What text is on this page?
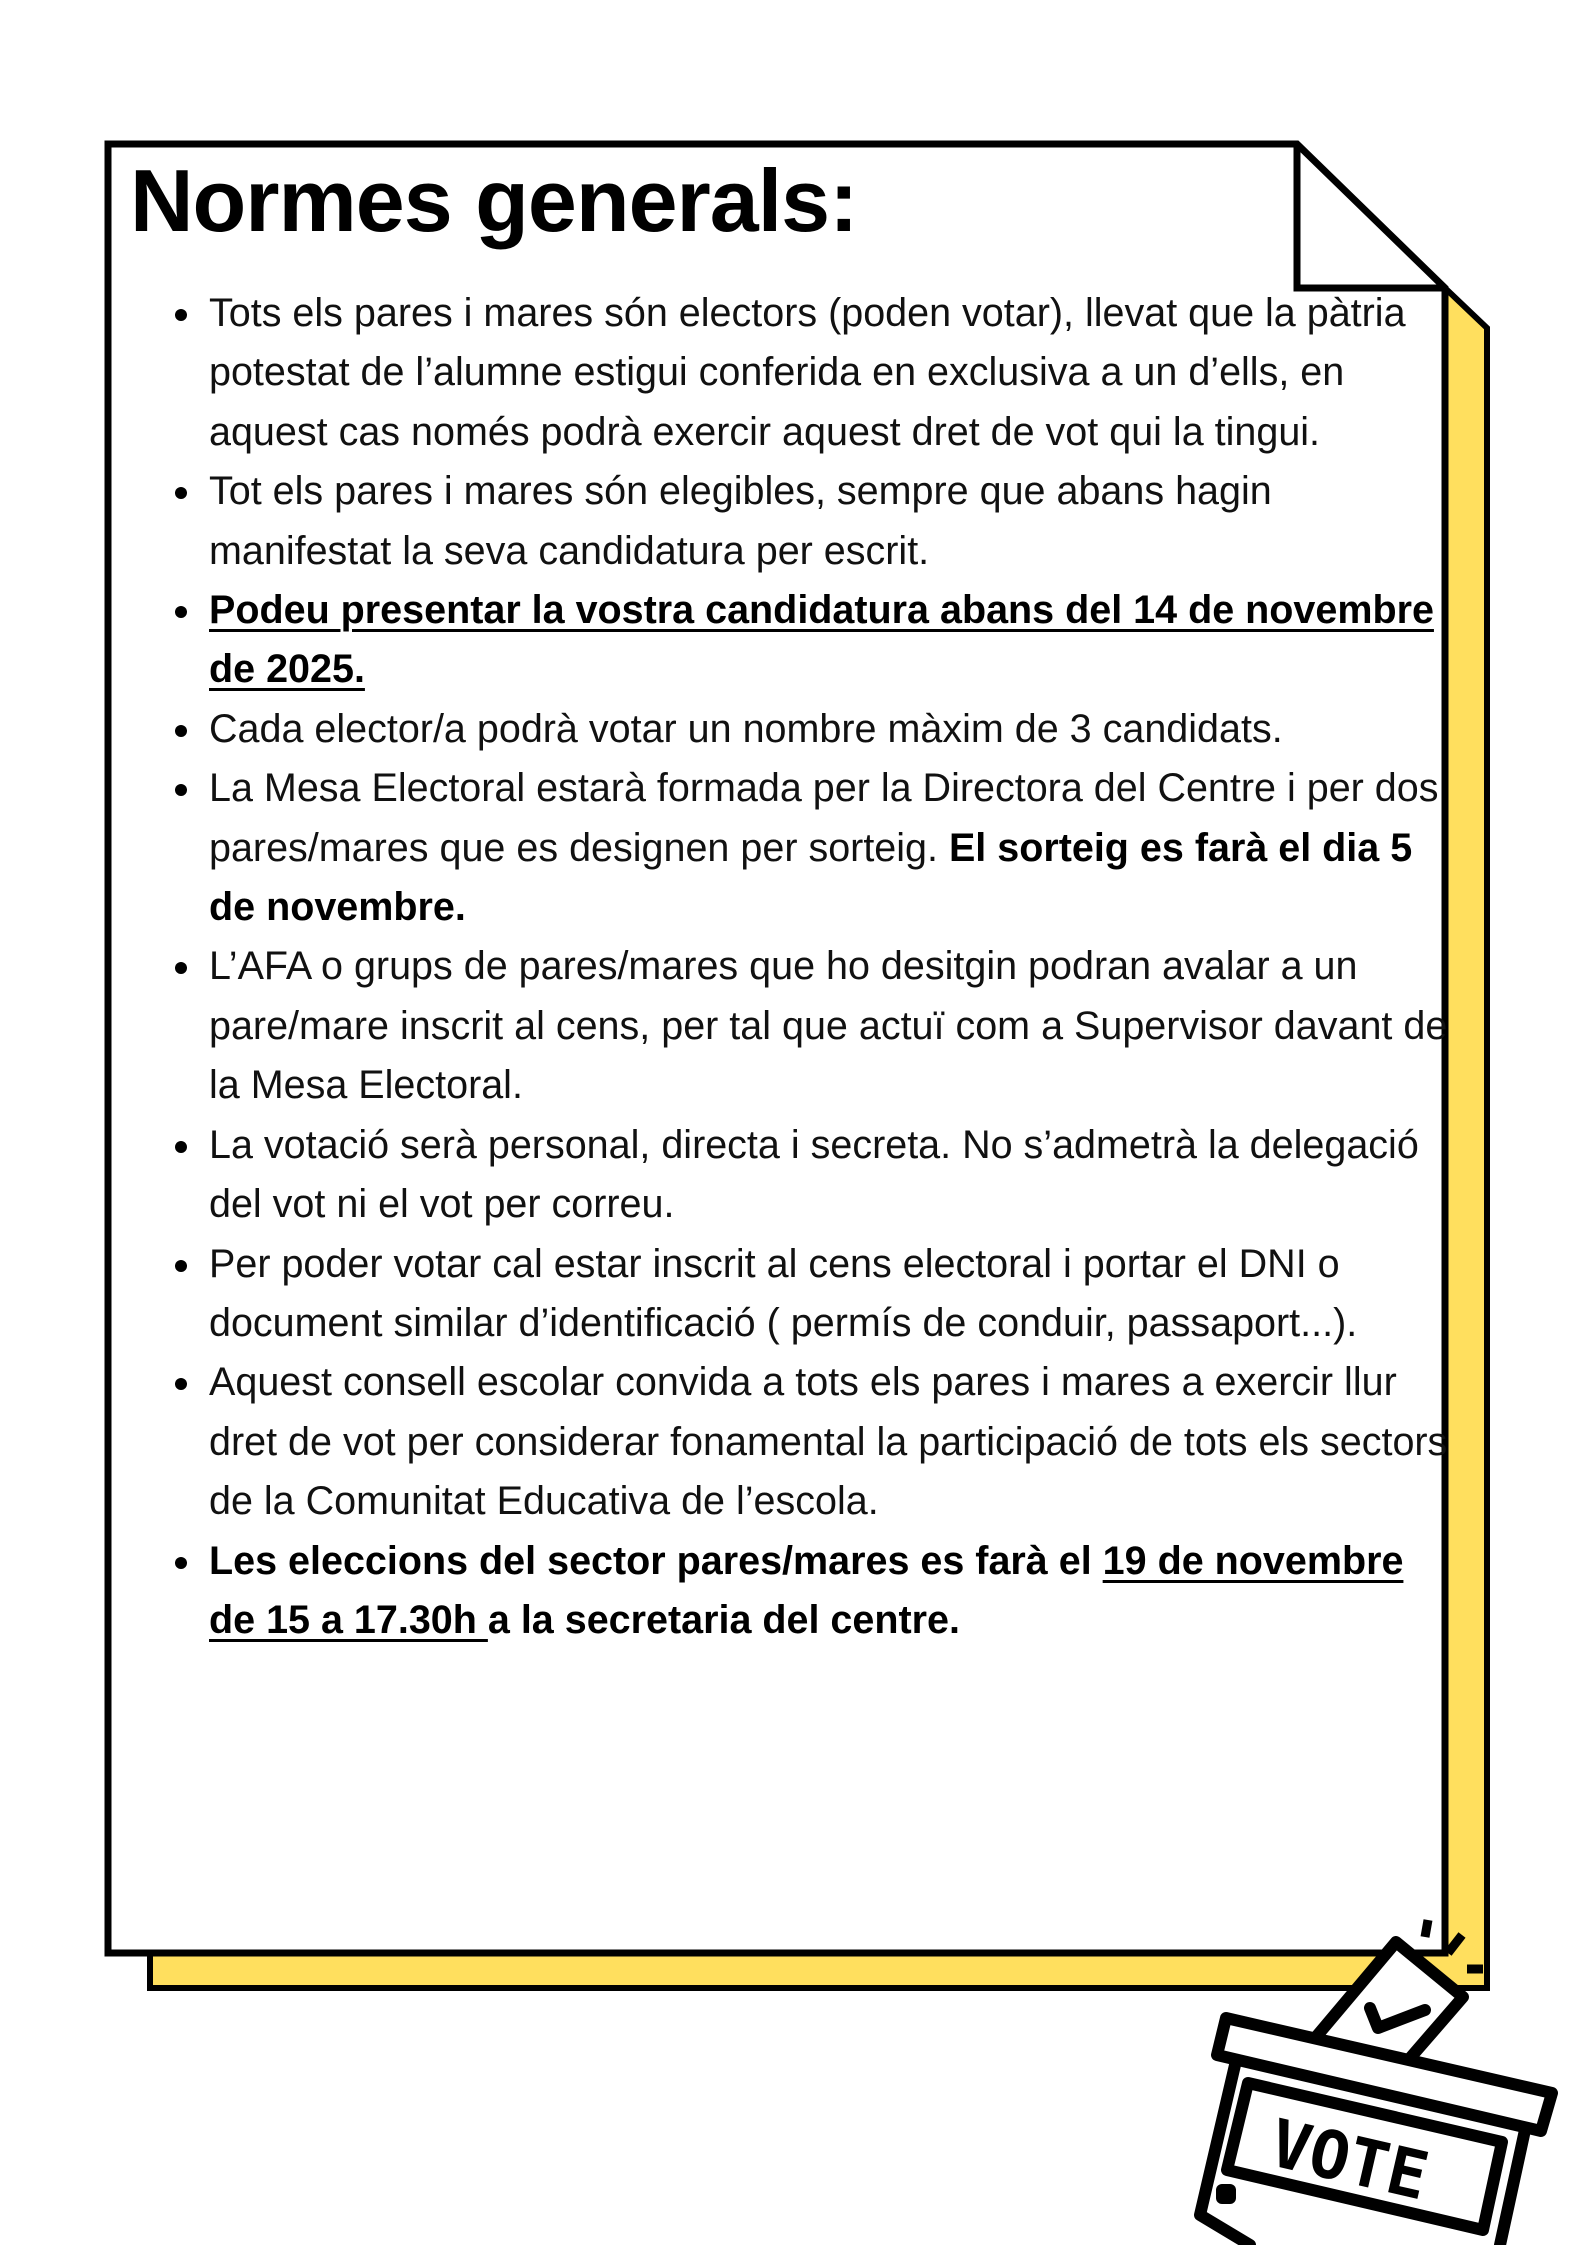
Normes generals:
Tots els pares i mares són electors (poden votar), llevat que la pàtria potestat de l’alumne estigui conferida en exclusiva a un d’ells, en aquest cas només podrà exercir aquest dret de vot qui la tingui.
Tot els pares i mares són elegibles, sempre que abans hagin manifestat la seva candidatura per escrit.
Podeu presentar la vostra candidatura abans del 14 de novembre de 2025.
Cada elector/a podrà votar un nombre màxim de 3 candidats.
La Mesa Electoral estarà formada per la Directora del Centre i per dos pares/mares que es designen per sorteig. El sorteig es farà el dia 5 de novembre.
L’AFA o grups de pares/mares que ho desitgin podran avalar a un pare/mare inscrit al cens, per tal que actuï com a Supervisor davant de la Mesa Electoral.
La votació serà personal, directa i secreta. No s’admetrà la delegació del vot ni el vot per correu.
Per poder votar cal estar inscrit al cens electoral i portar el DNI o document similar d’identificació ( permís de conduir, passaport...).
Aquest consell escolar convida a tots els pares i mares a exercir llur dret de vot per considerar fonamental la participació de tots els sectors de la Comunitat Educativa de l’escola.
Les eleccions del sector pares/mares es farà el 19 de novembre de 15 a 17.30h a la secretaria del centre.
VOTE
